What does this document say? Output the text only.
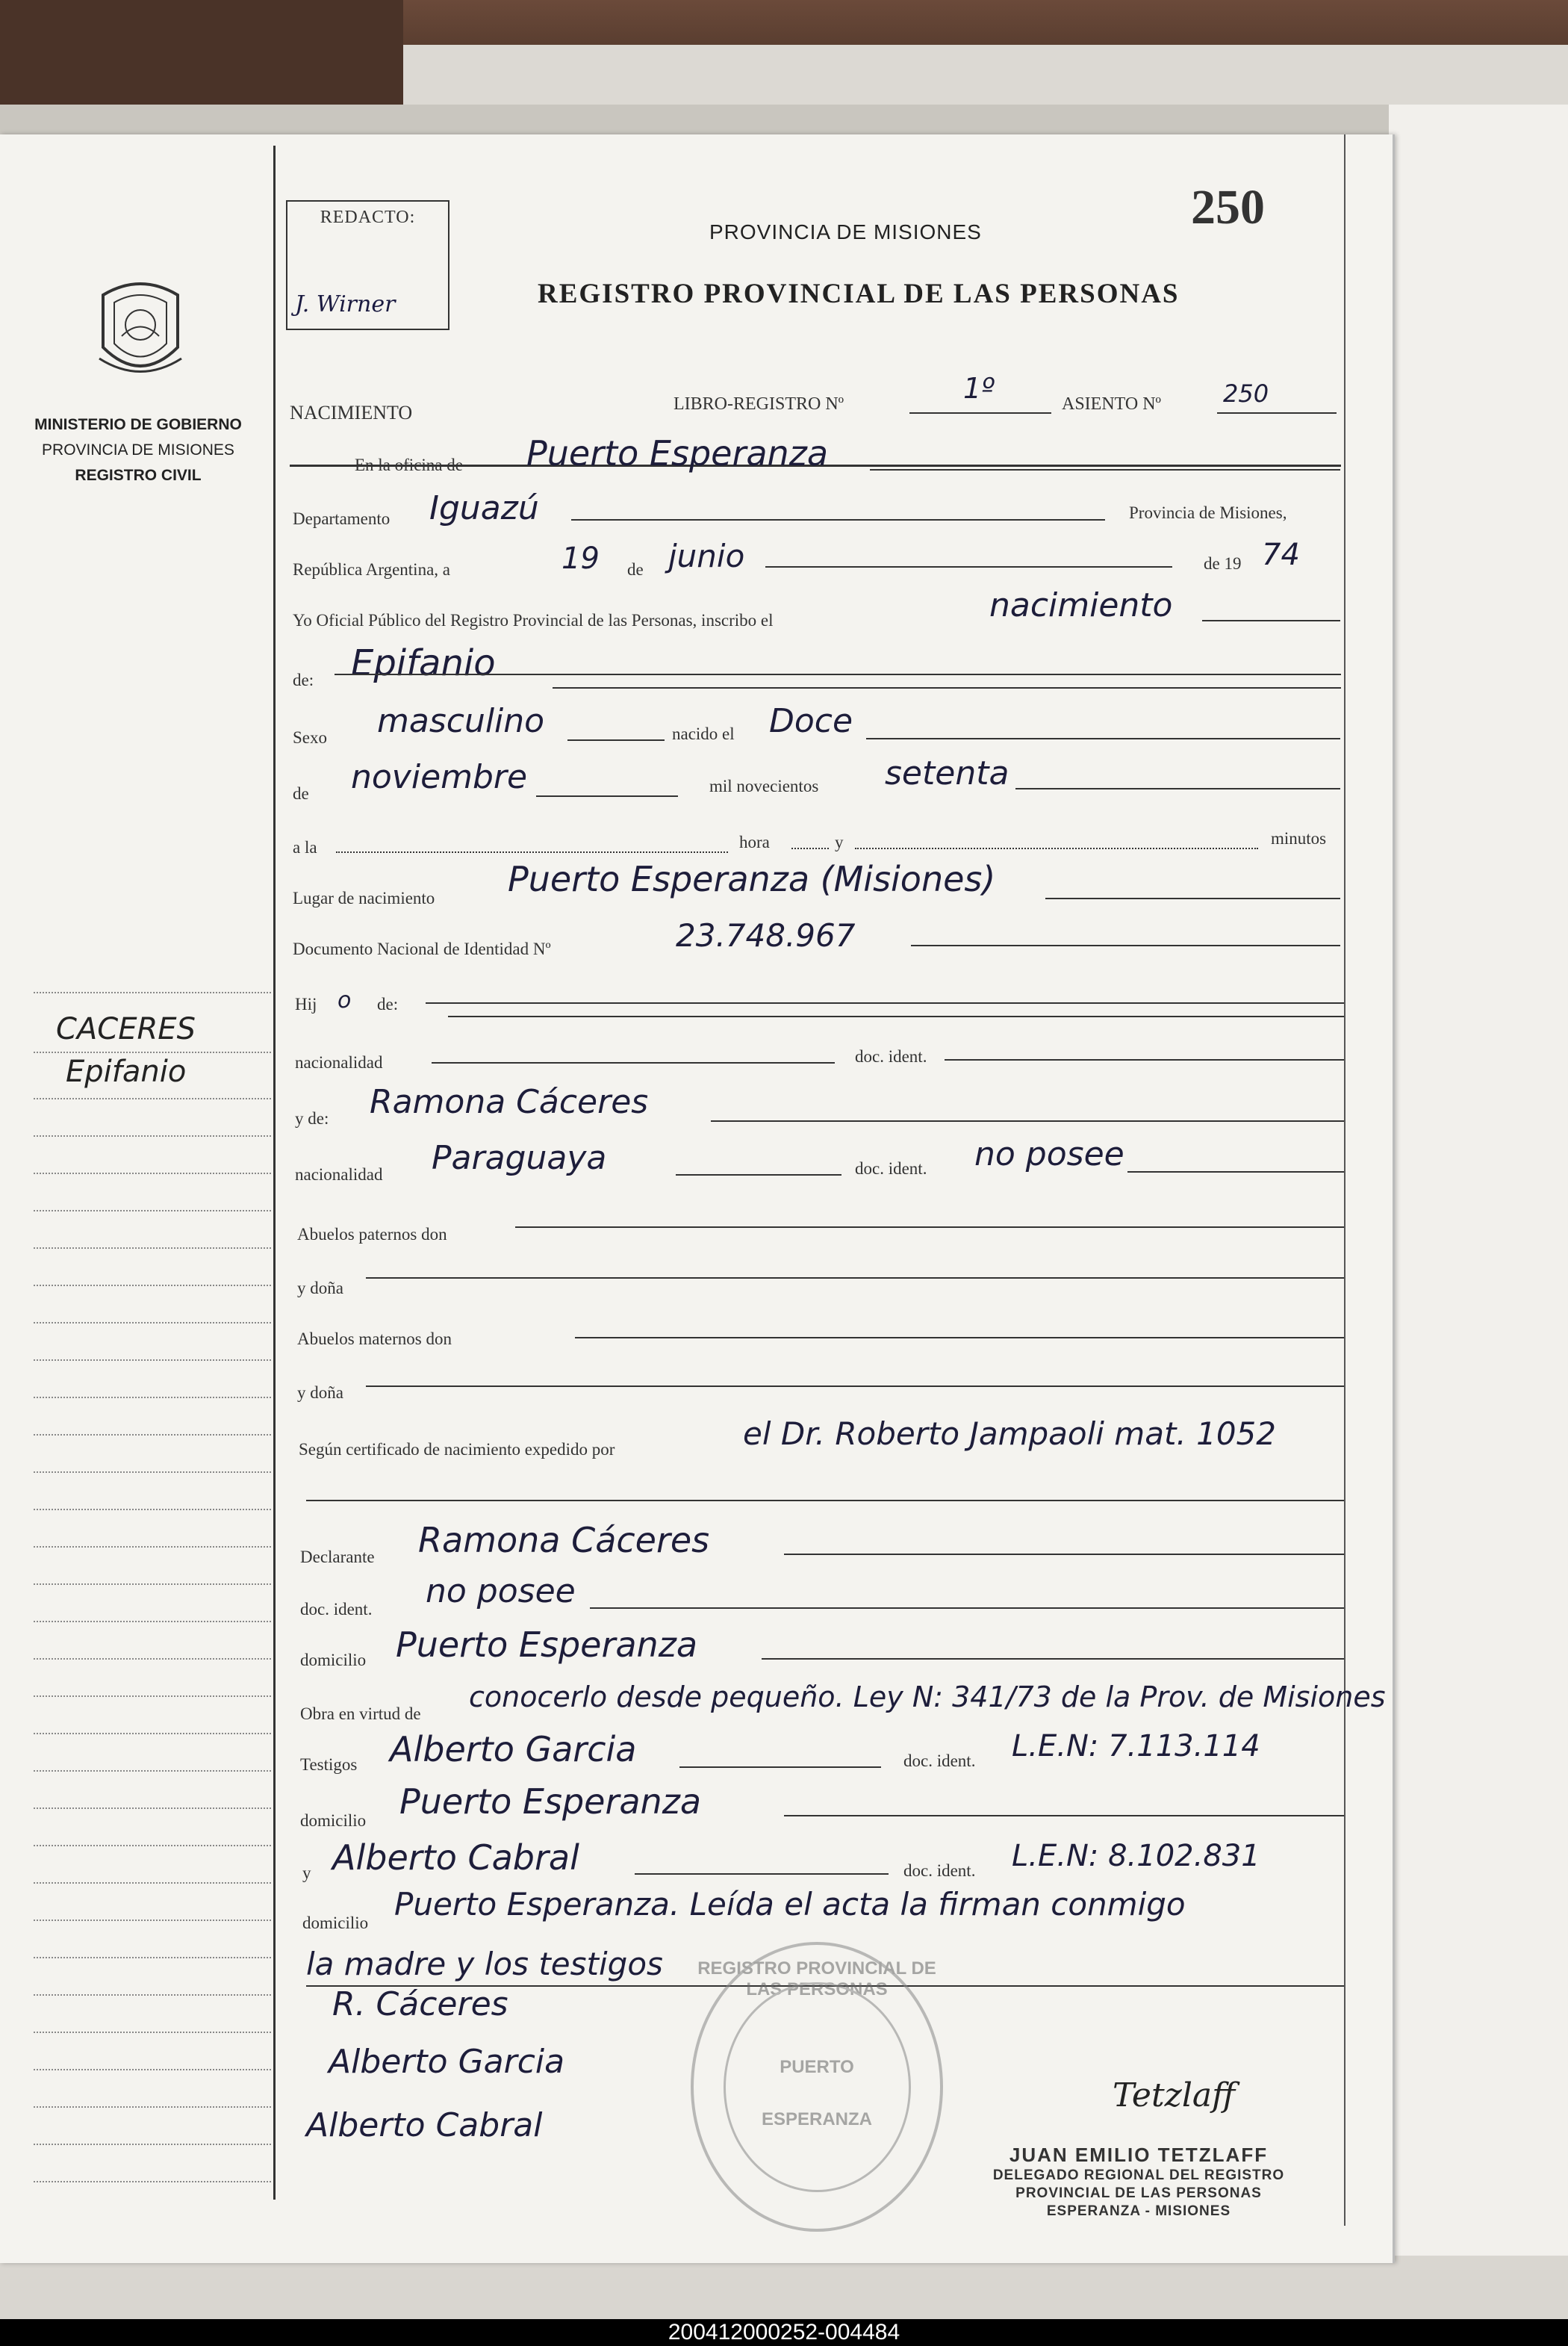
MINISTERIO DE GOBIERNO
PROVINCIA DE MISIONES
REGISTRO CIVIL
CACERES
Epifanio
REDACTO:
J. Wirner
250
PROVINCIA DE MISIONES
REGISTRO PROVINCIAL DE LAS PERSONAS
NACIMIENTO	LIBRO-REGISTRO Nº	1º	ASIENTO Nº	250
En la oficina de Puerto Esperanza
Departamento Iguazú	Provincia de Misiones,
República Argentina, a	19 de junio	de 19 74
Yo Oficial Público del Registro Provincial de las Personas, inscribo el	nacimiento
de: Epifanio
Sexo masculino	nacido el Doce
de noviembre	mil novecientos setenta
a la	hora	y	minutos
Lugar de nacimiento Puerto Esperanza (Misiones)
Documento Nacional de Identidad Nº	23.748.967
Hij o de:
nacionalidad	doc. ident.
y de: Ramona Cáceres
nacionalidad Paraguaya	doc. ident. no posee
Abuelos paternos don
y doña
Abuelos maternos don
y doña
Según certificado de nacimiento expedido por	el Dr. Roberto Jampaoli mat. 1052
Declarante Ramona Cáceres
doc. ident. no posee
domicilio Puerto Esperanza
Obra en virtud de
conocerlo desde pequeño. Ley N: 341/73 de la Prov. de Misiones
Testigos Alberto Garcia	doc. ident. L.E.N: 7.113.114
domicilio Puerto Esperanza
y Alberto Cabral	doc. ident. L.E.N: 8.102.831
domicilio
Puerto Esperanza. Leída el acta la firman conmigo
la madre y los testigos
R. Cáceres
Alberto Garcia
Alberto Cabral
REGISTRO PROVINCIAL DE LAS PERSONAS
PUERTO
ESPERANZA
Tetzlaff
JUAN EMILIO TETZLAFF
DELEGADO REGIONAL DEL REGISTRO
PROVINCIAL DE LAS PERSONAS
ESPERANZA - MISIONES
200412000252-004484
